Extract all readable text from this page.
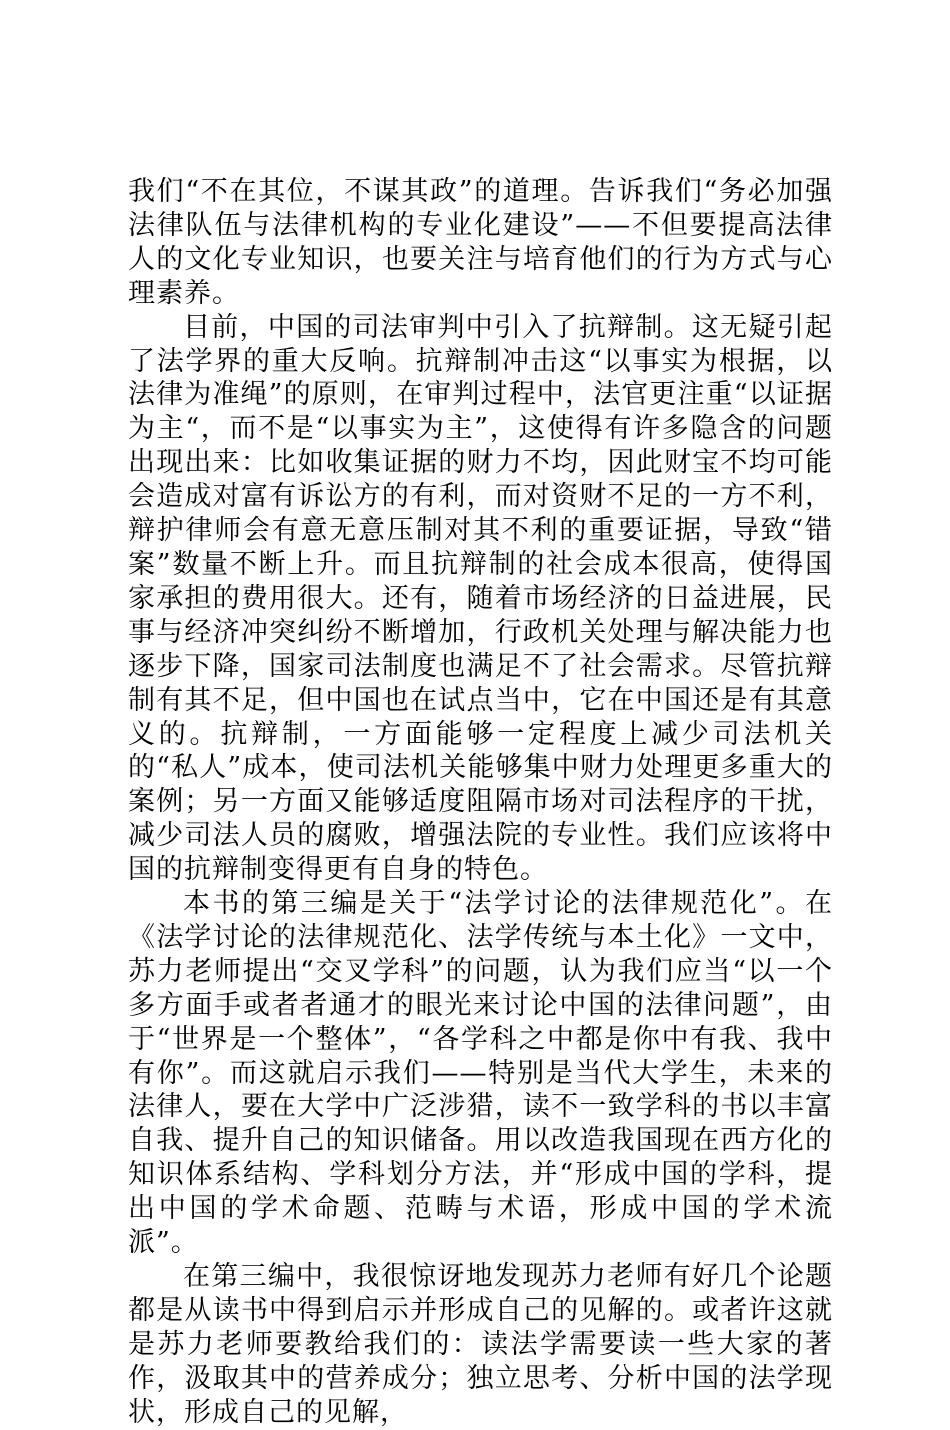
我们“不在其位，不谋其政”的道理。告诉我们“务必加强法律队伍与法律机构的专业化建设”——不但要提高法律人的文化专业知识，也要关注与培育他们的行为方式与心理素养。

目前，中国的司法审判中引入了抗辩制。这无疑引起了法学界的重大反响。抗辩制冲击这“以事实为根据，以法律为准绳”的原则，在审判过程中，法官更注重“以证据为主“，而不是“以事实为主”，这使得有许多隐含的问题出现出来：比如收集证据的财力不均，因此财宝不均可能会造成对富有诉讼方的有利，而对资财不足的一方不利，辩护律师会有意无意压制对其不利的重要证据，导致“错案”数量不断上升。而且抗辩制的社会成本很高，使得国家承担的费用很大。还有，随着市场经济的日益进展，民事与经济冲突纠纷不断增加，行政机关处理与解决能力也逐步下降，国家司法制度也满足不了社会需求。尽管抗辩制有其不足，但中国也在试点当中，它在中国还是有其意义的。抗辩制，一方面能够一定程度上减少司法机关的“私人”成本，使司法机关能够集中财力处理更多重大的案例；另一方面又能够适度阻隔市场对司法程序的干扰，减少司法人员的腐败，增强法院的专业性。我们应该将中国的抗辩制变得更有自身的特色。

本书的第三编是关于“法学讨论的法律规范化”。在《法学讨论的法律规范化、法学传统与本土化》一文中，苏力老师提出“交叉学科”的问题，认为我们应当“以一个多方面手或者者通才的眼光来讨论中国的法律问题”，由于“世界是一个整体”，“各学科之中都是你中有我、我中有你”。而这就启示我们——特别是当代大学生，未来的法律人，要在大学中广泛涉猎，读不一致学科的书以丰富自我、提升自己的知识储备。用以改造我国现在西方化的知识体系结构、学科划分方法，并“形成中国的学科，提出中国的学术命题、范畴与术语，形成中国的学术流派”。

在第三编中，我很惊讶地发现苏力老师有好几个论题都是从读书中得到启示并形成自己的见解的。或者许这就是苏力老师要教给我们的：读法学需要读一些大家的著作，汲取其中的营养成分；独立思考、分析中国的法学现状，形成自己的见解，
